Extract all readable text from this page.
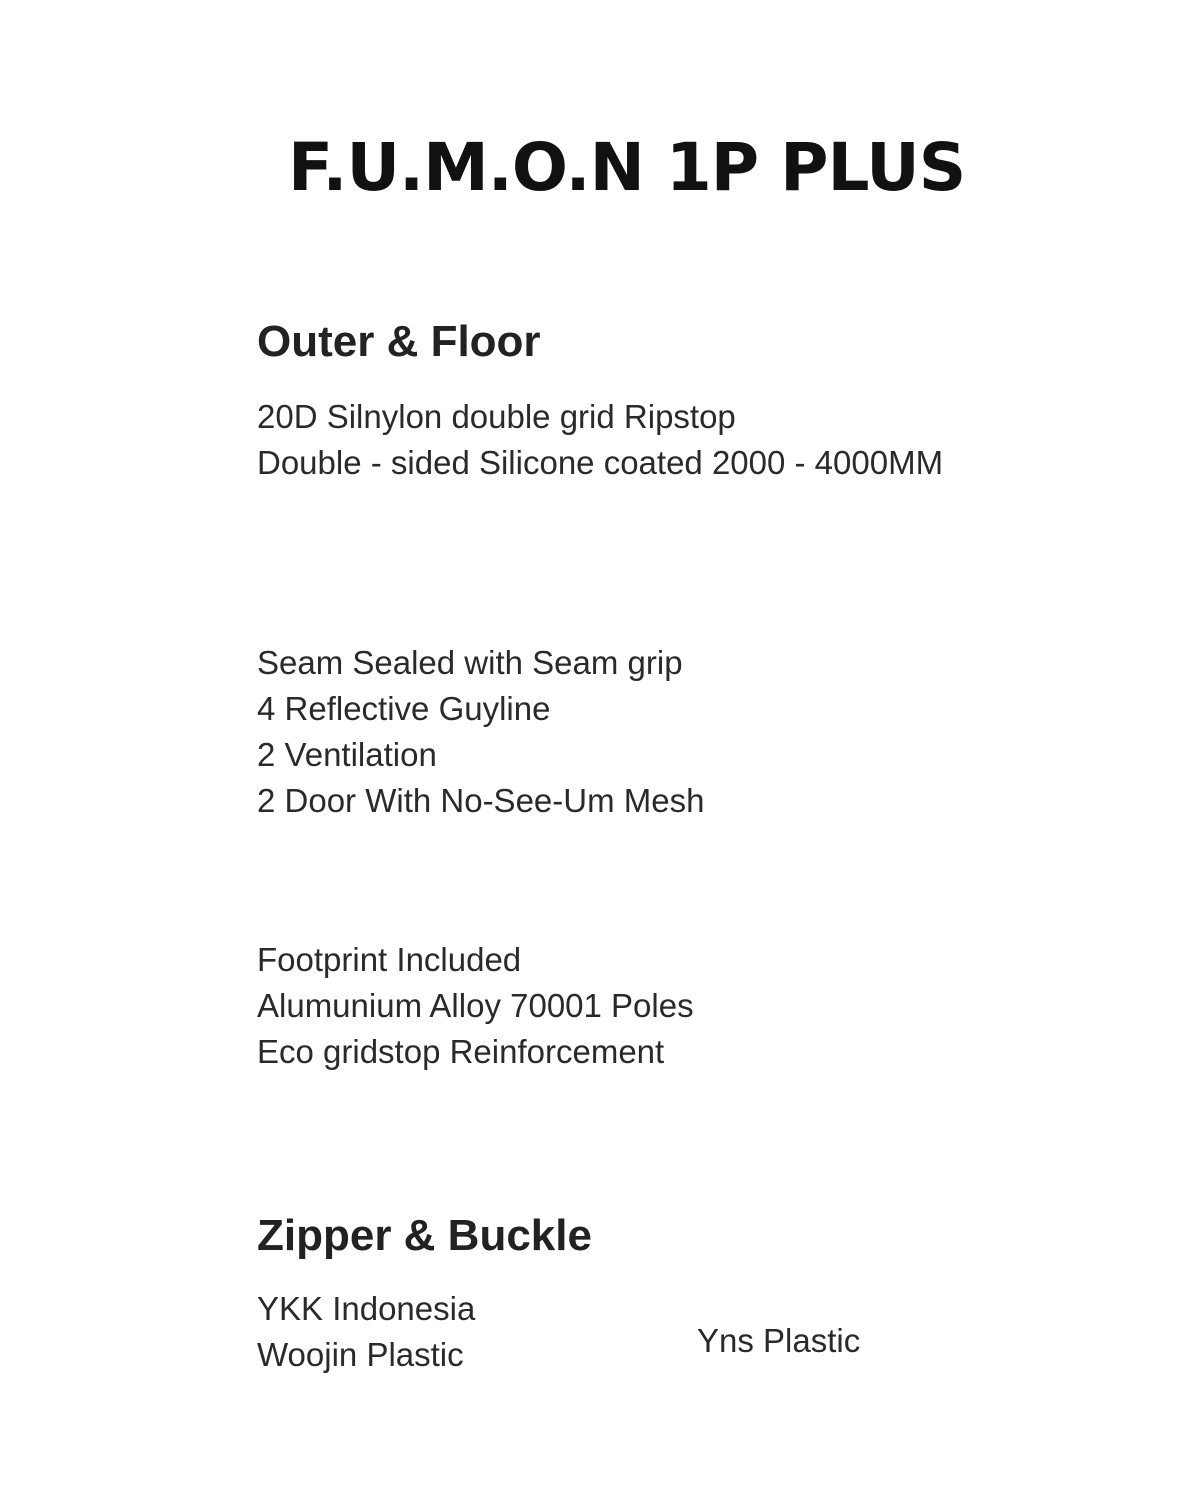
F.U.M.O.N 1P PLUS
Outer & Floor
20D Silnylon double grid Ripstop
Double - sided Silicone coated 2000 - 4000MM
Seam Sealed with Seam grip
4 Reflective Guyline
2 Ventilation
2 Door With No-See-Um Mesh
Footprint Included
Alumunium Alloy 70001 Poles
Eco gridstop Reinforcement
Zipper & Buckle
YKK Indonesia
Woojin Plastic	Yns Plastic
